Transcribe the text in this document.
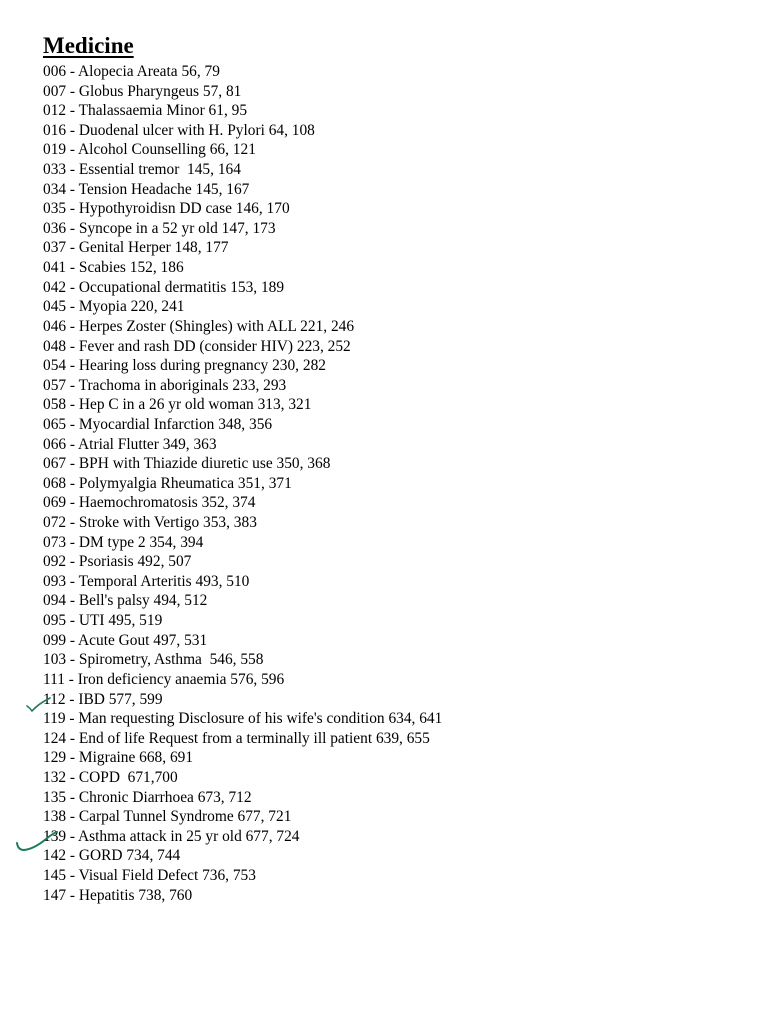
Medicine
006 - Alopecia Areata 56, 79
007 - Globus Pharyngeus 57, 81
012 - Thalassaemia Minor 61, 95
016 - Duodenal ulcer with H. Pylori 64, 108
019 - Alcohol Counselling 66, 121
033 - Essential tremor  145, 164
034 - Tension Headache 145, 167
035 - Hypothyroidisn DD case 146, 170
036 - Syncope in a 52 yr old 147, 173
037 - Genital Herper 148, 177
041 - Scabies 152, 186
042 - Occupational dermatitis 153, 189
045 - Myopia 220, 241
046 - Herpes Zoster (Shingles) with ALL 221, 246
048 - Fever and rash DD (consider HIV) 223, 252
054 - Hearing loss during pregnancy 230, 282
057 - Trachoma in aboriginals 233, 293
058 - Hep C in a 26 yr old woman 313, 321
065 - Myocardial Infarction 348, 356
066 - Atrial Flutter 349, 363
067 - BPH with Thiazide diuretic use 350, 368
068 - Polymyalgia Rheumatica 351, 371
069 - Haemochromatosis 352, 374
072 - Stroke with Vertigo 353, 383
073 - DM type 2 354, 394
092 - Psoriasis 492, 507
093 - Temporal Arteritis 493, 510
094 - Bell's palsy 494, 512
095 - UTI 495, 519
099 - Acute Gout 497, 531
103 - Spirometry, Asthma  546, 558
111 - Iron deficiency anaemia 576, 596
112 - IBD 577, 599
119 - Man requesting Disclosure of his wife's condition 634, 641
124 - End of life Request from a terminally ill patient 639, 655
129 - Migraine 668, 691
132 - COPD  671,700
135 - Chronic Diarrhoea 673, 712
138 - Carpal Tunnel Syndrome 677, 721
139 - Asthma attack in 25 yr old 677, 724
142 - GORD 734, 744
145 - Visual Field Defect 736, 753
147 - Hepatitis 738, 760
